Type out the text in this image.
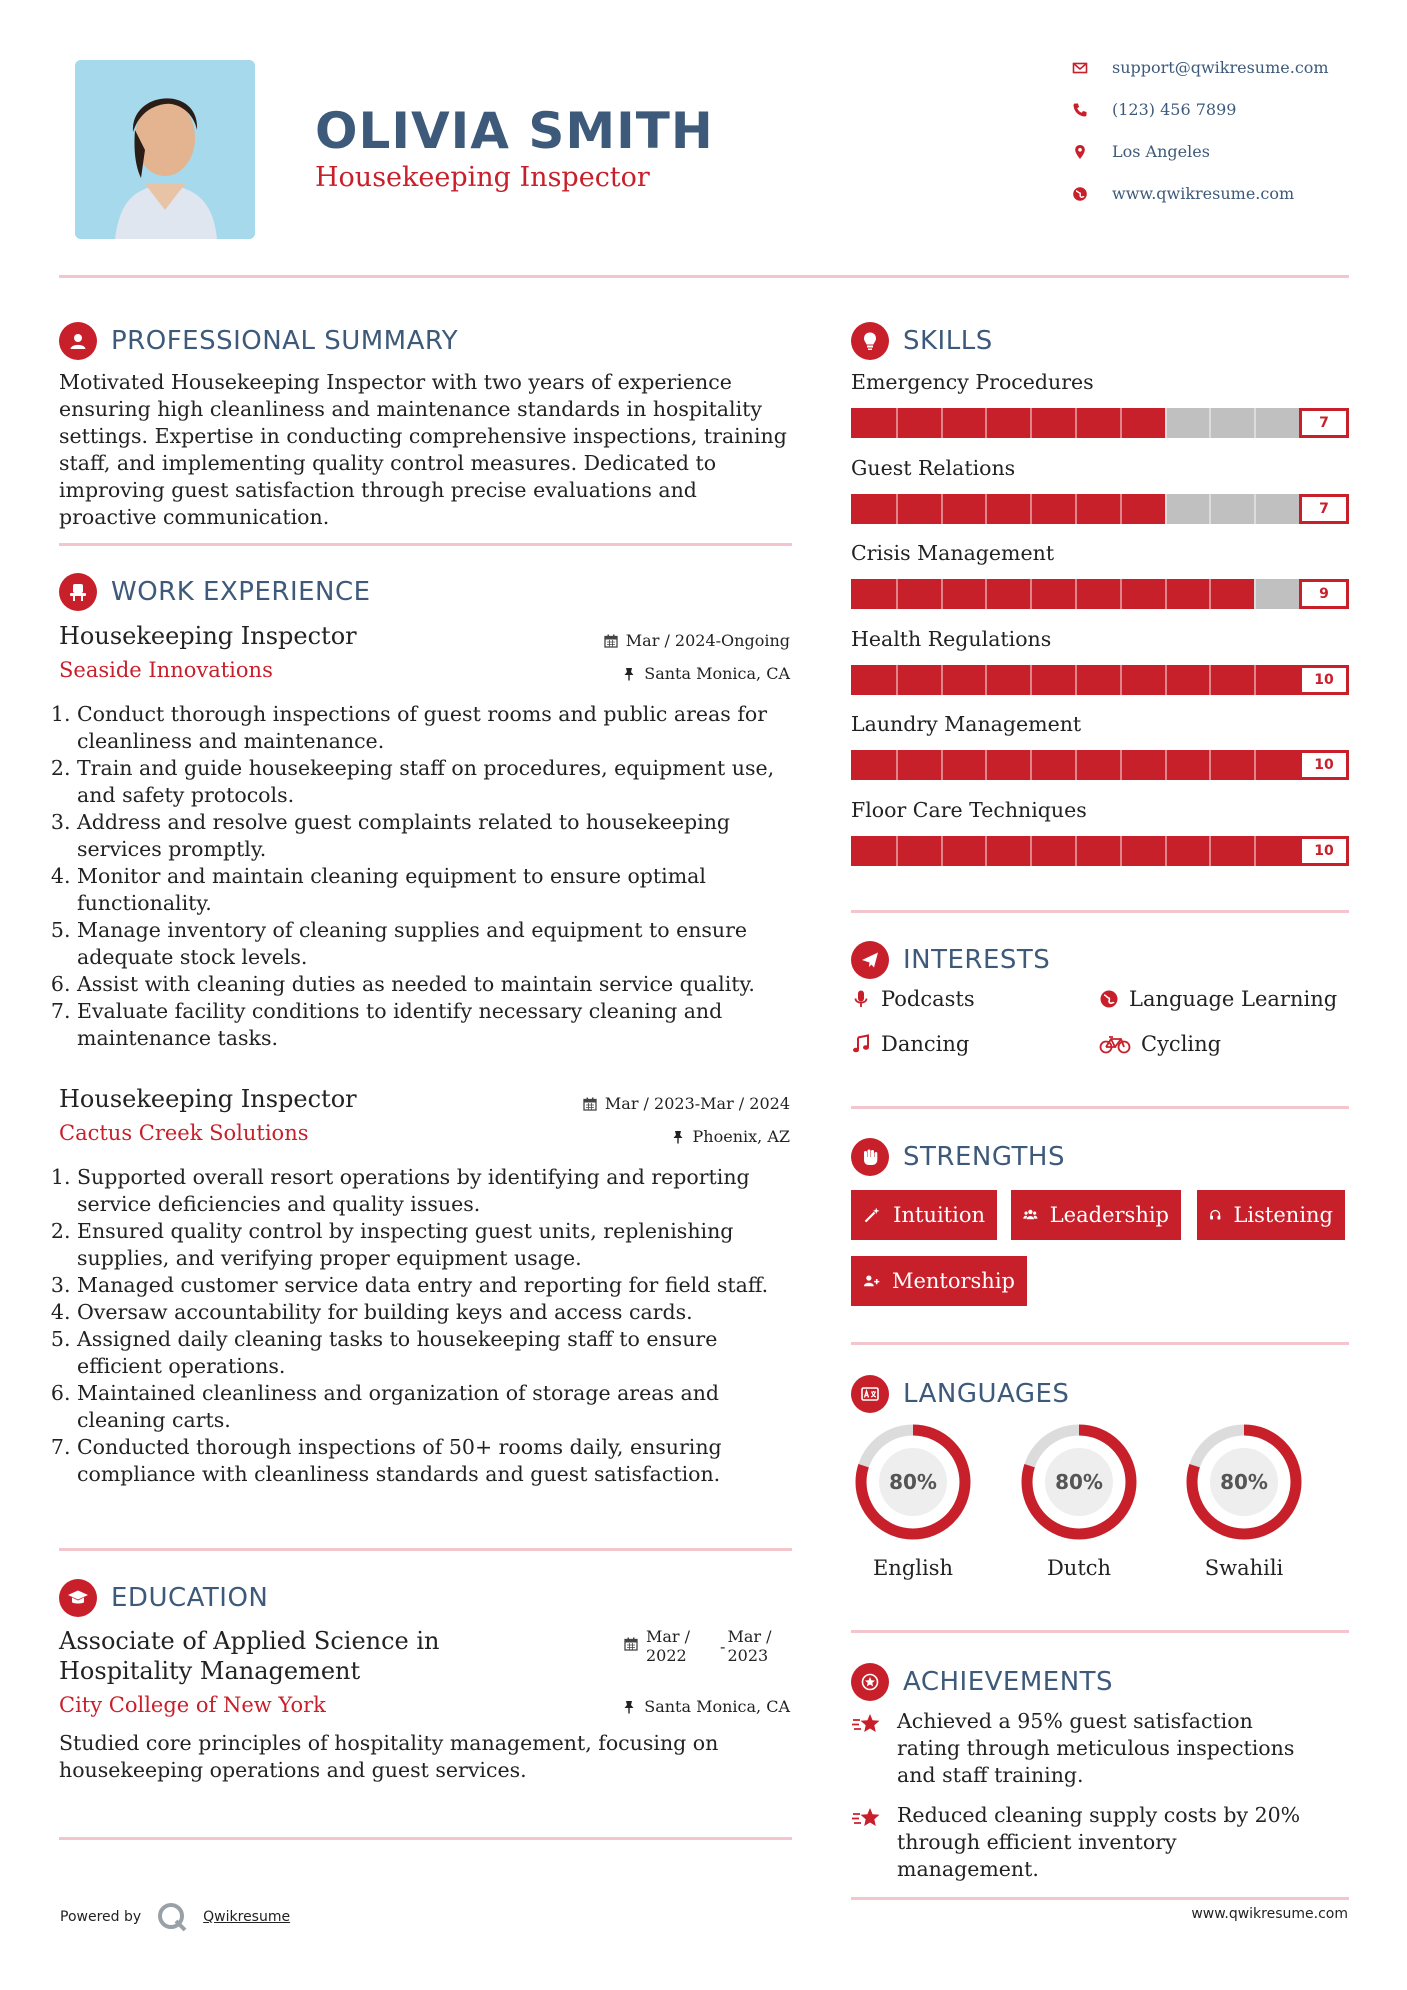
OLIVIA SMITH
Housekeeping Inspector
support@qwikresume.com
(123) 456 7899
Los Angeles
www.qwikresume.com
PROFESSIONAL SUMMARY
Motivated Housekeeping Inspector with two years of experience ensuring high cleanliness and maintenance standards in hospitality settings. Expertise in conducting comprehensive inspections, training staff, and implementing quality control measures. Dedicated to improving guest satisfaction through precise evaluations and proactive communication.
WORK EXPERIENCE
Housekeeping Inspector
Seaside Innovations
Mar / 2024-Ongoing
Santa Monica, CA
1. Conduct thorough inspections of guest rooms and public areas for cleanliness and maintenance.
2. Train and guide housekeeping staff on procedures, equipment use, and safety protocols.
3. Address and resolve guest complaints related to housekeeping services promptly.
4. Monitor and maintain cleaning equipment to ensure optimal functionality.
5. Manage inventory of cleaning supplies and equipment to ensure adequate stock levels.
6. Assist with cleaning duties as needed to maintain service quality.
7. Evaluate facility conditions to identify necessary cleaning and maintenance tasks.
Housekeeping Inspector
Cactus Creek Solutions
Mar / 2023-Mar / 2024
Phoenix, AZ
1. Supported overall resort operations by identifying and reporting service deficiencies and quality issues.
2. Ensured quality control by inspecting guest units, replenishing supplies, and verifying proper equipment usage.
3. Managed customer service data entry and reporting for field staff.
4. Oversaw accountability for building keys and access cards.
5. Assigned daily cleaning tasks to housekeeping staff to ensure efficient operations.
6. Maintained cleanliness and organization of storage areas and cleaning carts.
7. Conducted thorough inspections of 50+ rooms daily, ensuring compliance with cleanliness standards and guest satisfaction.
EDUCATION
Associate of Applied Science in Hospitality Management
City College of New York
Mar /
2022 -
Mar /
2023
Santa Monica, CA
Studied core principles of hospitality management, focusing on housekeeping operations and guest services.
SKILLS
Emergency Procedures
7
Guest Relations
7
Crisis Management
9
Health Regulations
10
Laundry Management
10
Floor Care Techniques
10
INTERESTS
Podcasts	Language Learning
Dancing	Cycling
STRENGTHS
Intuition	Leadership	Listening
Mentorship
LANGUAGES
80%
English
80%
Dutch
80%
Swahili
ACHIEVEMENTS
Achieved a 95% guest satisfaction rating through meticulous inspections and staff training.
Reduced cleaning supply costs by 20% through efficient inventory management.
Powered by	Qwikresume	www.qwikresume.com
